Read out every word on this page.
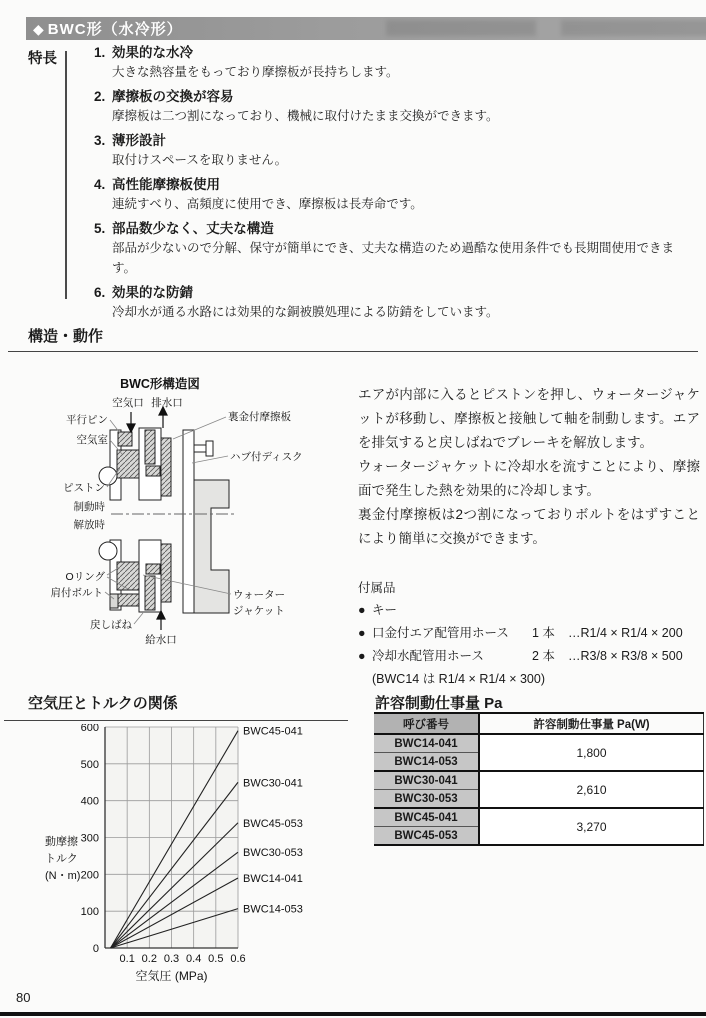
◆ BWC形（水冷形）
特長	1. 効果的な水冷
大きな熱容量をもっており摩擦板が長持ちします。
2. 摩擦板の交換が容易
摩擦板は二つ割になっており、機械に取付けたまま交換ができます。
3. 薄形設計
取付けスペースを取りません。
4. 高性能摩擦板使用
連続すべり、高頻度に使用でき、摩擦板は長寿命です。
5. 部品数少なく、丈夫な構造
部品が少ないので分解、保守が簡単にでき、丈夫な構造のため過酷な使用条件でも長期間使用できます。
6. 効果的な防錆
冷却水が通る水路には効果的な銅被膜処理による防錆をしています。
構造・動作
BWC形構造図
空気口 排水口
平行ピン
空気室
ピストン
裏金付摩擦板
ハブ付ディスク
制動時
解放時
Oリング
肩付ボルト
戻しばね
給水口
ウォーター
ジャケット

エアが内部に入るとピストンを押し、ウォータージャケットが移動し、摩擦板と接触して軸を制動します。エアを排気すると戻しばねでブレーキを解放します。

ウォータージャケットに冷却水を流すことにより、摩擦面で発生した熱を効果的に冷却します。

裏金付摩擦板は2つ割になっておりボルトをはずすことにより簡単に交換ができます。

付属品
● キー
● 口金付エア配管用ホース	1 本	…R1/4 × R1/4 × 200
● 冷却水配管用ホース	2 本	…R3/8 × R3/8 × 500
(BWC14 は R1/4 × R1/4 × 300)
空気圧とトルクの関係
0
100
200
300
400
500
600
0.1 0.2 0.3 0.4 0.5 0.6
BWC45-041
BWC30-041
BWC45-053
BWC30-053
BWC14-041
BWC14-053
動摩擦
トルク
(N・m)
空気圧 (MPa)
許容制動仕事量 Pa
呼び番号	許容制動仕事量 Pa(W)
BWC14-041	1,800
BWC14-053	
BWC30-041	2,610
BWC30-053	
BWC45-041	3,270
BWC45-053	
80
